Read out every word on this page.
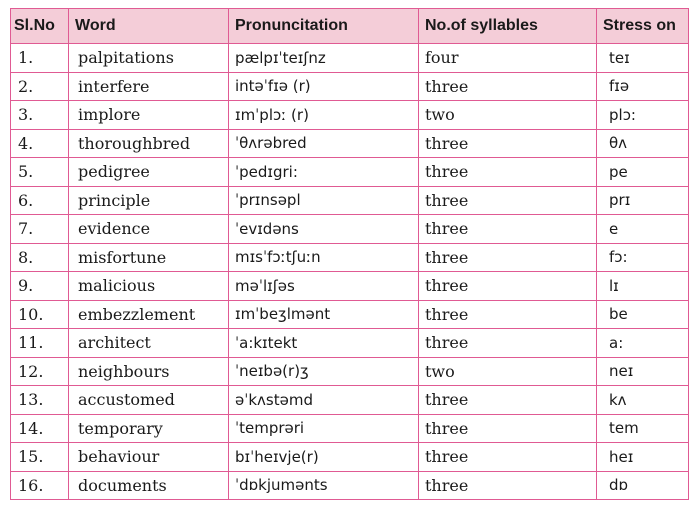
Sl.No	Word	Pronuncitation	No.of syllables	Stress on
1.	palpitations	pælpɪˈteɪʃnz	four	teɪ
2.	interfere	intəˈfɪə (r)	three	fɪə
3.	implore	ɪmˈplɔː (r)	two	plɔ:
4.	thoroughbred	ˈθʌrəbred	three	θʌ
5.	pedigree	ˈpedɪgri:	three	pe
6.	principle	ˈprɪnsəpl	three	prɪ
7.	evidence	ˈevɪdəns	three	e
8.	misfortune	mɪsˈfɔːtʃuːn	three	fɔ:
9.	malicious	məˈlɪʃəs	three	lɪ
10.	embezzlement	ɪmˈbeʒlmənt	three	be
11.	architect	ˈa:kɪtekt	three	a:
12.	neighbours	ˈneɪbə(r)ʒ	two	neɪ
13.	accustomed	əˈkʌstəmd	three	kʌ
14.	temporary	ˈtemprəri	three	tem
15.	behaviour	bɪˈheɪvje(r)	three	heɪ
16.	documents	ˈdɒkjumənts	three	dɒ
